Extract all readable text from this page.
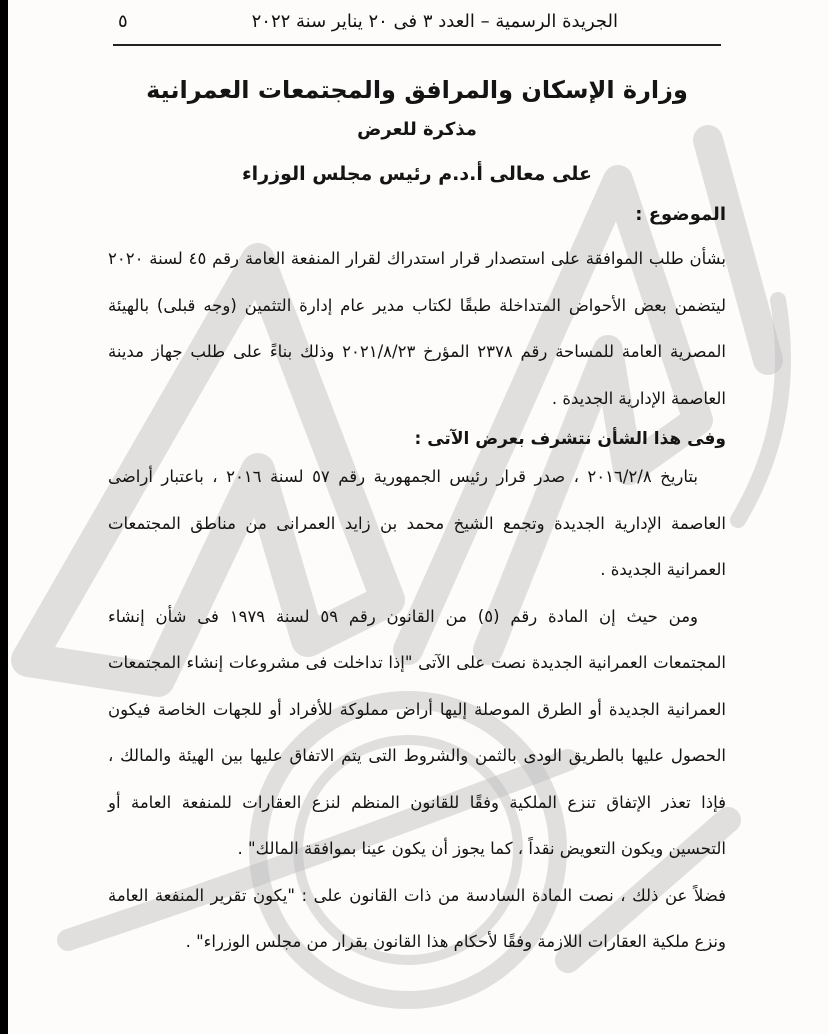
الجريدة الرسمية – العدد ٣ فى ٢٠ يناير سنة ٢٠٢٢
٥
وزارة الإسكان والمرافق والمجتمعات العمرانية
مذكرة للعرض
على معالى أ.د.م رئيس مجلس الوزراء
الموضوع :

بشأن طلب الموافقة على استصدار قرار استدراك لقرار المنفعة العامة رقم ٤٥ لسنة ٢٠٢٠ ليتضمن بعض الأحواض المتداخلة طبقًا لكتاب مدير عام إدارة التثمين (وجه قبلى) بالهيئة المصرية العامة للمساحة رقم ٢٣٧٨ المؤرخ ٢٠٢١/٨/٢٣ وذلك بناءً على طلب جهاز مدينة العاصمة الإدارية الجديدة .

وفى هذا الشأن نتشرف بعرض الآتى :

بتاريخ ٢٠١٦/٢/٨ ، صدر قرار رئيس الجمهورية رقم ٥٧ لسنة ٢٠١٦ ، باعتبار أراضى العاصمة الإدارية الجديدة وتجمع الشيخ محمد بن زايد العمرانى من مناطق المجتمعات العمرانية الجديدة .

ومن حيث إن المادة رقم (٥) من القانون رقم ٥٩ لسنة ١٩٧٩ فى شأن إنشاء المجتمعات العمرانية الجديدة نصت على الآتى "إذا تداخلت فى مشروعات إنشاء المجتمعات العمرانية الجديدة أو الطرق الموصلة إليها أراض مملوكة للأفراد أو للجهات الخاصة فيكون الحصول عليها بالطريق الودى بالثمن والشروط التى يتم الاتفاق عليها بين الهيئة والمالك ، فإذا تعذر الإتفاق تنزع الملكية وفقًا للقانون المنظم لنزع العقارات للمنفعة العامة أو التحسين ويكون التعويض نقداً ، كما يجوز أن يكون عينا بموافقة المالك" .

فضلاً عن ذلك ، نصت المادة السادسة من ذات القانون على : "يكون تقرير المنفعة العامة ونزع ملكية العقارات اللازمة وفقًا لأحكام هذا القانون بقرار من مجلس الوزراء" .
